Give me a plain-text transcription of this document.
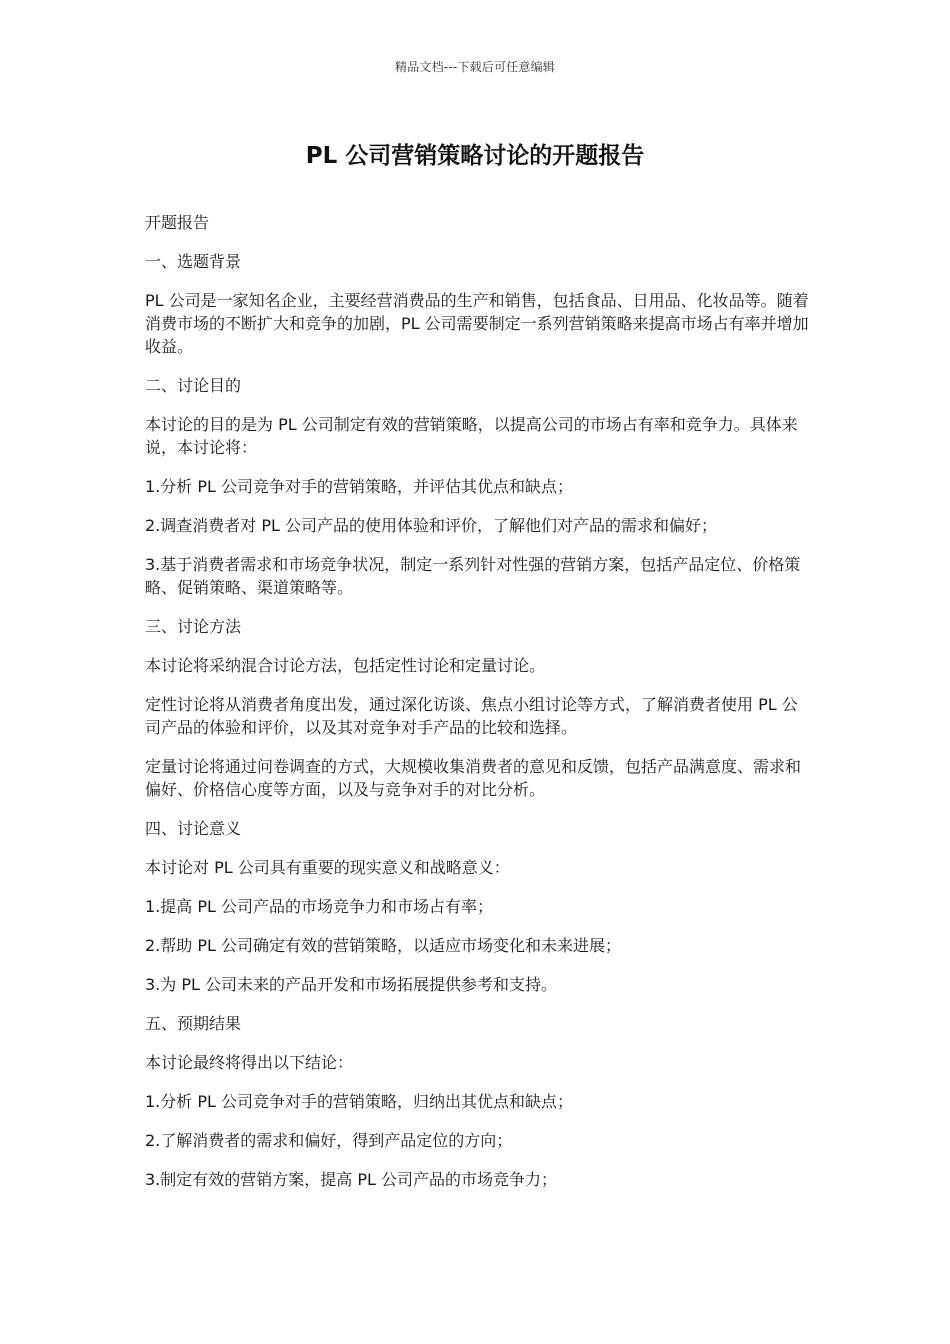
精品文档---下载后可任意编辑
PL 公司营销策略讨论的开题报告

开题报告

一、选题背景

PL 公司是一家知名企业，主要经营消费品的生产和销售，包括食品、日用品、化妆品等。随着消费市场的不断扩大和竞争的加剧，PL 公司需要制定一系列营销策略来提高市场占有率并增加收益。

二、讨论目的

本讨论的目的是为 PL 公司制定有效的营销策略，以提高公司的市场占有率和竞争力。具体来说，本讨论将：

1.分析 PL 公司竞争对手的营销策略，并评估其优点和缺点；

2.调查消费者对 PL 公司产品的使用体验和评价，了解他们对产品的需求和偏好；

3.基于消费者需求和市场竞争状况，制定一系列针对性强的营销方案，包括产品定位、价格策略、促销策略、渠道策略等。

三、讨论方法

本讨论将采纳混合讨论方法，包括定性讨论和定量讨论。

定性讨论将从消费者角度出发，通过深化访谈、焦点小组讨论等方式，了解消费者使用 PL 公司产品的体验和评价，以及其对竞争对手产品的比较和选择。

定量讨论将通过问卷调查的方式，大规模收集消费者的意见和反馈，包括产品满意度、需求和偏好、价格信心度等方面，以及与竞争对手的对比分析。

四、讨论意义

本讨论对 PL 公司具有重要的现实意义和战略意义：

1.提高 PL 公司产品的市场竞争力和市场占有率；

2.帮助 PL 公司确定有效的营销策略，以适应市场变化和未来进展；

3.为 PL 公司未来的产品开发和市场拓展提供参考和支持。

五、预期结果

本讨论最终将得出以下结论：

1.分析 PL 公司竞争对手的营销策略，归纳出其优点和缺点；

2.了解消费者的需求和偏好，得到产品定位的方向；

3.制定有效的营销方案，提高 PL 公司产品的市场竞争力；
